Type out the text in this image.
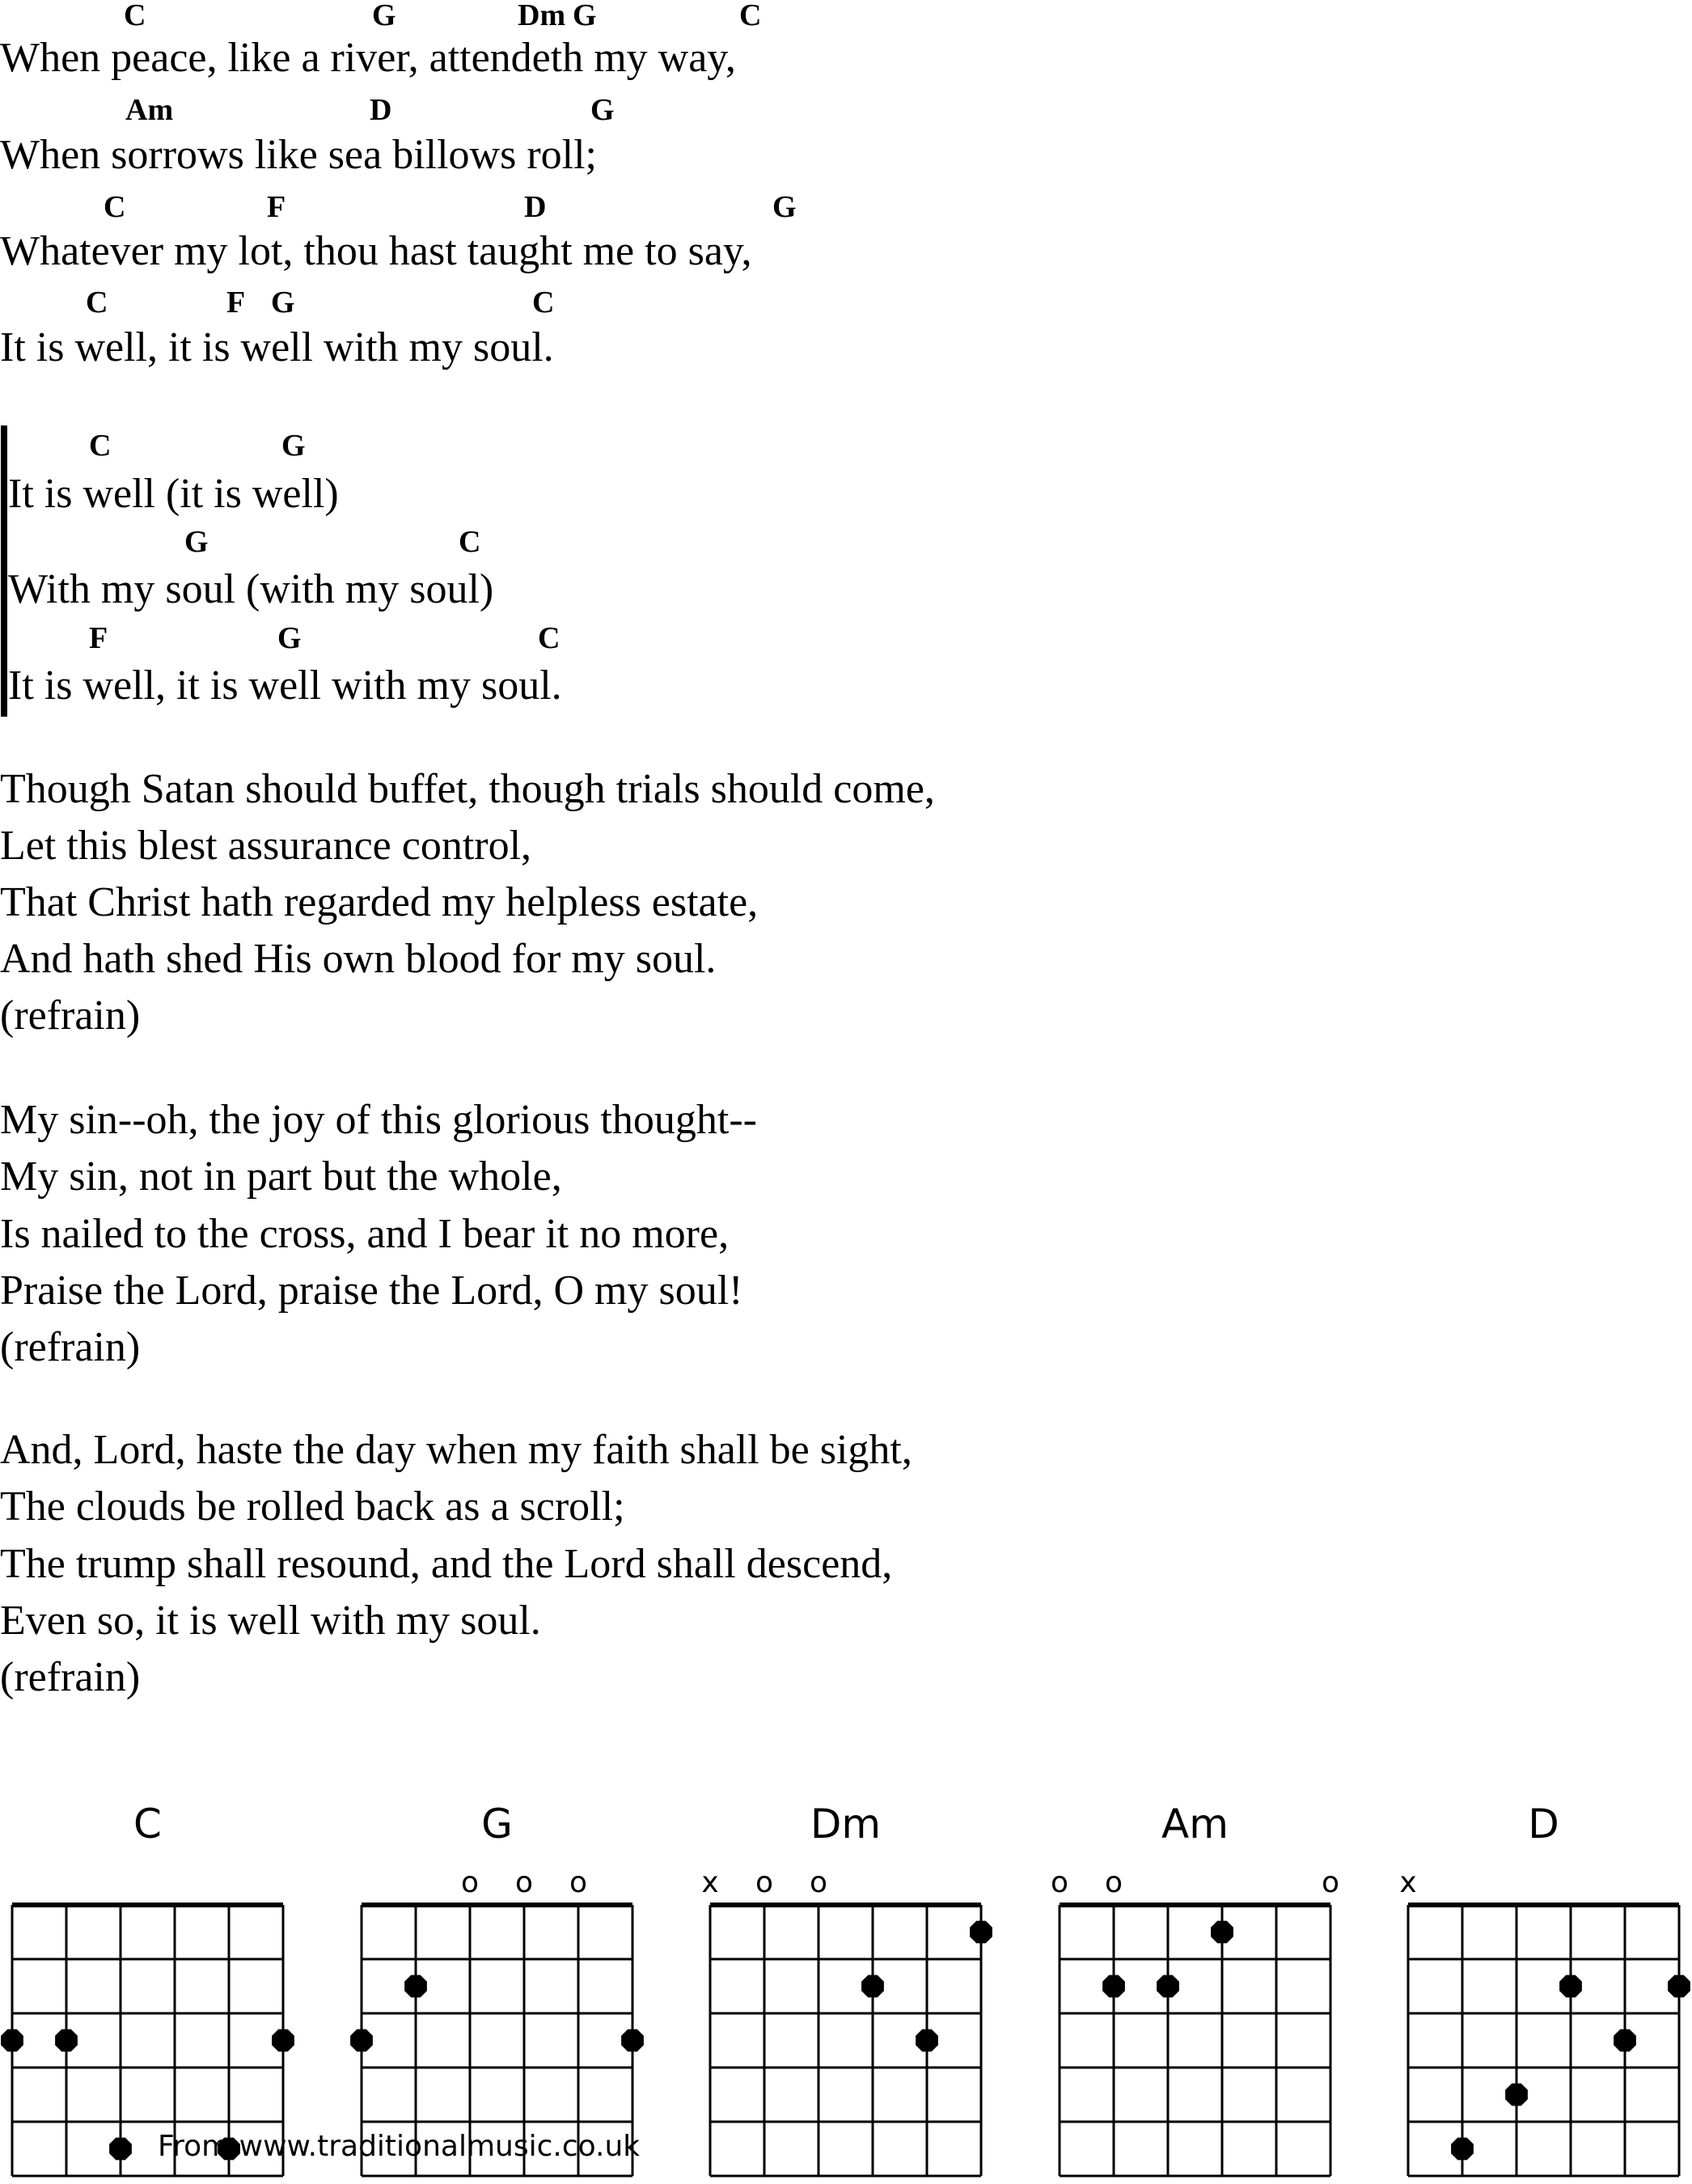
C	G	Dm G	C
When peace, like a river, attendeth my way,
Am	D	G
When sorrows like sea billows roll;
C	F	D	G
Whatever my lot, thou hast taught me to say,
C	F G	C
It is well, it is well with my soul.
C	G
It is well (it is well)
G	C
With my soul (with my soul)
F	G	C
It is well, it is well with my soul.
Though Satan should buffet, though trials should come,
Let this blest assurance control,
That Christ hath regarded my helpless estate,
And hath shed His own blood for my soul.
(refrain)
My sin--oh, the joy of this glorious thought--
My sin, not in part but the whole,
Is nailed to the cross, and I bear it no more,
Praise the Lord, praise the Lord, O my soul!
(refrain)
And, Lord, haste the day when my faith shall be sight,
The clouds be rolled back as a scroll;
The trump shall resound, and the Lord shall descend,
Even so, it is well with my soul.
(refrain)
C	G
o o o
Dm
x o o
Am
o o	o
D
x
From www.traditionalmusic.co.uk
